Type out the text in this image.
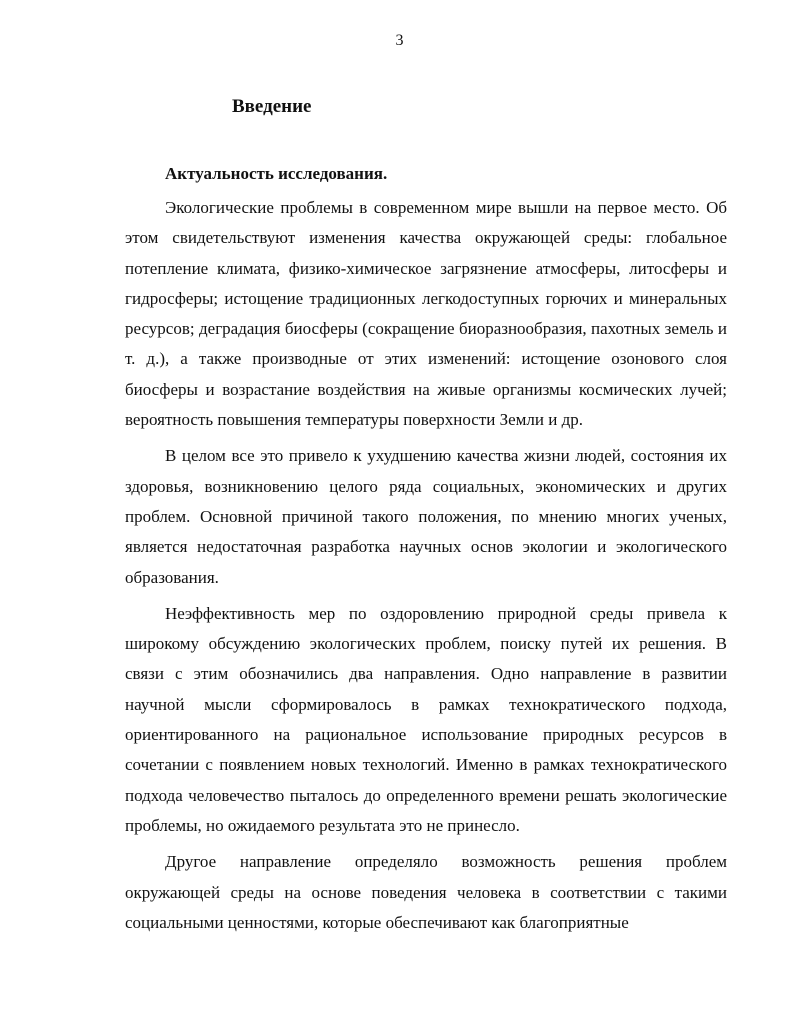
3
Введение
Актуальность исследования.

Экологические проблемы в современном мире вышли на первое место. Об этом свидетельствуют изменения качества окружающей среды: глобальное потепление климата, физико-химическое загрязнение атмосферы, литосферы и гидросферы; истощение традиционных легкодоступных горючих и минеральных ресурсов; деградация биосферы (сокращение биоразнообразия, пахотных земель и т. д.), а также производные от этих изменений: истощение озонового слоя биосферы и возрастание воздействия на живые организмы космических лучей; вероятность повышения температуры поверхности Земли и др.

В целом все это привело к ухудшению качества жизни людей, состояния их здоровья, возникновению целого ряда социальных, экономических и других проблем. Основной причиной такого положения, по мнению многих ученых, является недостаточная разработка научных основ экологии и экологического образования.

Неэффективность мер по оздоровлению природной среды привела к широкому обсуждению экологических проблем, поиску путей их решения. В связи с этим обозначились два направления. Одно направление в развитии научной мысли сформировалось в рамках технократического подхода, ориентированного на рациональное использование природных ресурсов в сочетании с появлением новых технологий. Именно в рамках технократического подхода человечество пыталось до определенного времени решать экологические проблемы, но ожидаемого результата это не принесло.

Другое направление определяло возможность решения проблем окружающей среды на основе поведения человека в соответствии с такими социальными ценностями, которые обеспечивают как благоприятные
